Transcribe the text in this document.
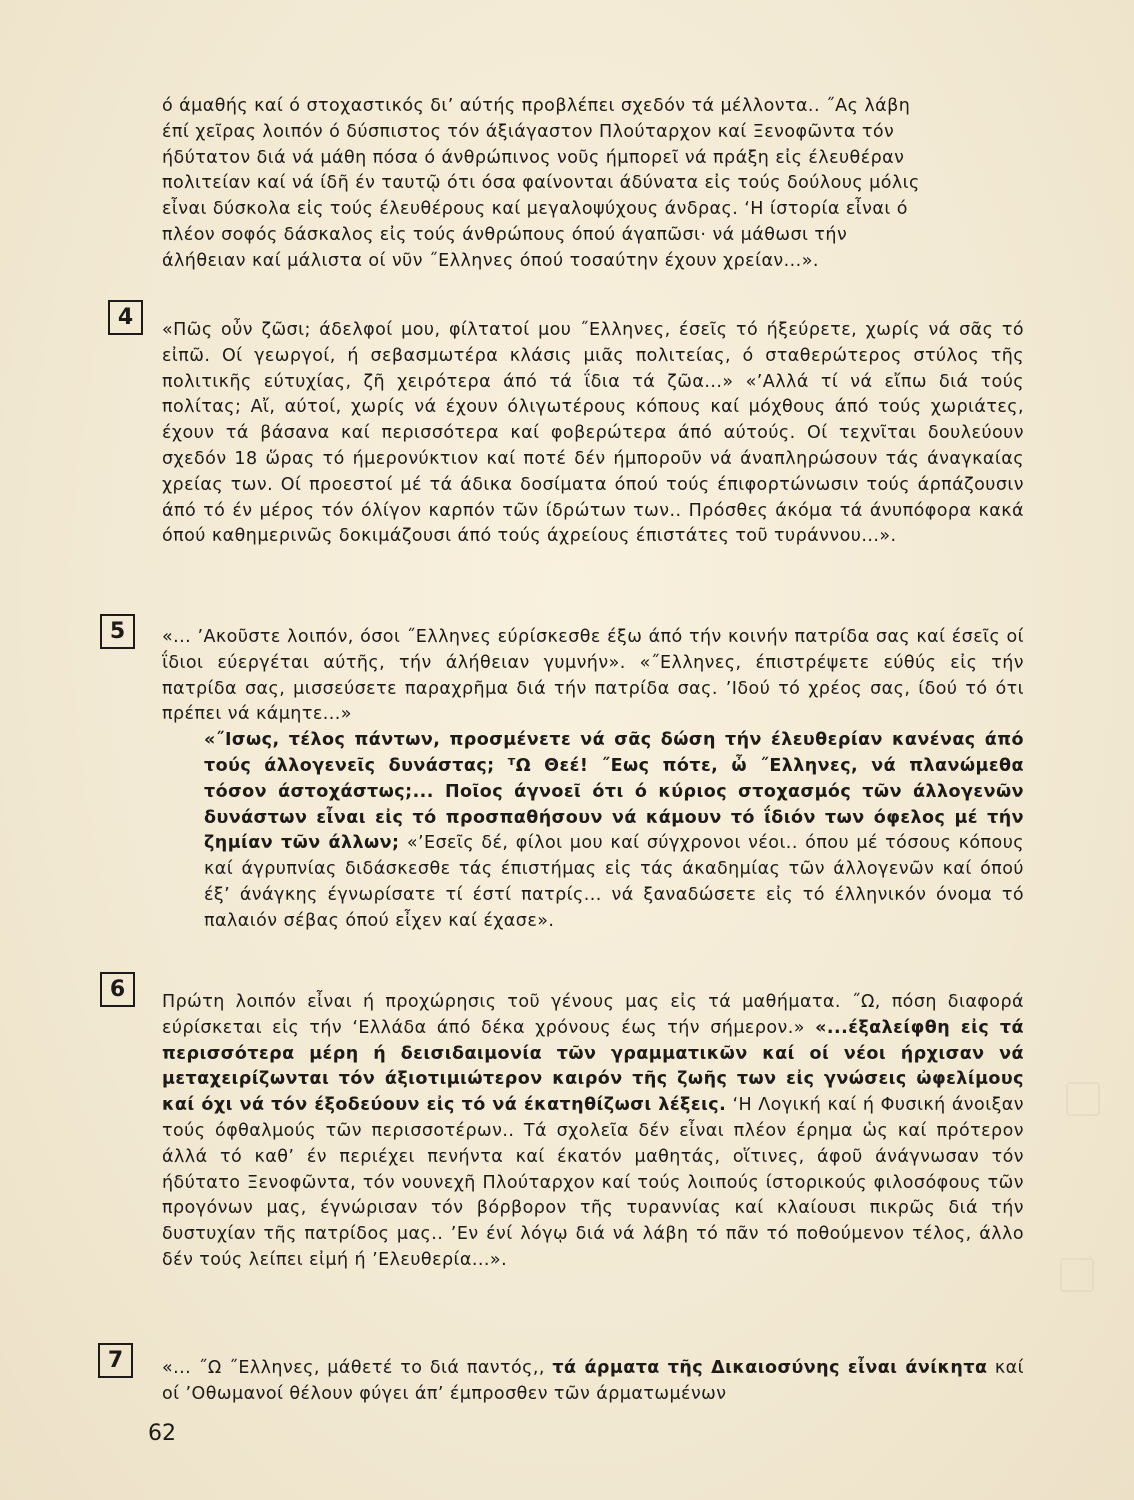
ό άμαθής καί ό στοχαστικός δι’ αύτής προβλέπει σχεδόν τά μέλλοντα.. ˝Ας λάβη

έπί χεῖρας λοιπόν ό δύσπιστος τόν άξιάγαστον Πλούταρχον καί Ξενοφῶντα τόν

ήδύτατον διά νά μάθη πόσα ό άνθρώπινος νοῦς ήμπορεῖ νά πράξη εἰς έλευθέραν

πολιτείαν καί νά ίδῆ έν ταυτῷ ότι όσα φαίνονται άδύνατα εἰς τούς δούλους μόλις

εἶναι δύσκολα εἰς τούς έλευθέρους καί μεγαλοψύχους άνδρας. ‘Η ίστορία εἶναι ό

πλέον σοφός δάσκαλος εἰς τούς άνθρώπους όπού άγαπῶσι· νά μάθωσι τήν

άλήθειαν καί μάλιστα οί νῦν ˝Ελληνες όπού τοσαύτην έχουν χρείαν...».

4	«Πῶς οὖν ζῶσι; άδελφοί μου, φίλτατοί μου ˝Ελληνες, έσεῖς τό ήξεύρετε, χωρίς νά σᾶς τό εἰπῶ. Οί γεωργοί, ή σεβασμωτέρα κλάσις μιᾶς πολιτείας, ό σταθερώτερος στύλος τῆς πολιτικῆς εύτυχίας, ζῆ χειρότερα άπό τά ΐδια τά ζῶα...» «’Αλλά τί νά εἴπω διά τούς πολίτας; Αἴ, αύτοί, χωρίς νά έχουν όλιγωτέρους κόπους καί μόχθους άπό τούς χωριάτες, έχουν τά βάσανα καί περισσότερα καί φοβερώτερα άπό αύτούς. Οί τεχνῖται δουλεύουν σχεδόν 18 ὥρας τό ήμερονύκτιον καί ποτέ δέν ήμποροῦν νά άναπληρώσουν τάς άναγκαίας χρείας των. Οί προεστοί μέ τά άδικα δοσίματα όπού τούς έπιφορτώνωσιν τούς άρπάζουσιν άπό τό έν μέρος τόν όλίγον καρπόν τῶν ίδρώτων των.. Πρόσθες άκόμα τά άνυπόφορα κακά όπού καθημερινῶς δοκιμάζουσι άπό τούς άχρείους έπιστάτες τοῦ τυράννου...».

5	«... ’Ακοῦστε λοιπόν, όσοι ˝Ελληνες εύρίσκεσθε έξω άπό τήν κοινήν πατρίδα σας καί έσεῖς οί ΐδιοι εύεργέται αύτῆς, τήν άλήθειαν γυμνήν». «˝Ελληνες, έπιστρέψετε εύθύς εἰς τήν πατρίδα σας, μισσεύσετε παραχρῆμα διά τήν πατρίδα σας. ’Ιδού τό χρέος σας, ίδού τό ότι πρέπει νά κάμητε...»

«˝Ισως, τέλος πάντων, προσμένετε νά σᾶς δώση τήν έλευθερίαν κανένας άπό τούς άλλογενεῖς δυνάστας; ᵀΩ Θεέ! ˝Εως πότε, ὦ ˝Ελληνες, νά πλανώμεθα τόσον άστοχάστως;... Ποῖος άγνοεῖ ότι ό κύριος στοχασμός τῶν άλλογενῶν δυνάστων εἶναι εἰς τό προσπαθήσουν νά κάμουν τό ΐδιόν των όφελος μέ τήν ζημίαν τῶν άλλων; «’Εσεῖς δέ, φίλοι μου καί σύγχρονοι νέοι.. όπου μέ τόσους κόπους καί άγρυπνίας διδάσκεσθε τάς έπιστήμας εἰς τάς άκαδημίας τῶν άλλογενῶν καί όπού έξ’ άνάγκης έγνωρίσατε τί έστί πατρίς... νά ξαναδώσετε εἰς τό έλληνικόν όνομα τό παλαιόν σέβας όπού εἶχεν καί έχασε».

6	Πρώτη λοιπόν εἶναι ή προχώρησις τοῦ γένους μας εἰς τά μαθήματα. ˝Ω, πόση διαφορά εύρίσκεται εἰς τήν ‘Ελλάδα άπό δέκα χρόνους έως τήν σήμερον.» «...έξαλείφθη εἰς τά περισσότερα μέρη ή δεισιδαιμονία τῶν γραμματικῶν καί οί νέοι ήρχισαν νά μεταχειρίζωνται τόν άξιοτιμιώτερον καιρόν τῆς ζωῆς των εἰς γνώσεις ὠφελίμους καί όχι νά τόν έξοδεύουν εἰς τό νά έκατηθίζωσι λέξεις. ‘Η Λογική καί ή Φυσική άνοιξαν τούς όφθαλμούς τῶν περισσοτέρων.. Τά σχολεῖα δέν εἶναι πλέον έρημα ὡς καί πρότερον άλλά τό καθ’ έν περιέχει πενήντα καί έκατόν μαθητάς, οἵτινες, άφοῦ άνάγνωσαν τόν ήδύτατο Ξενοφῶντα, τόν νουνεχῆ Πλούταρχον καί τούς λοιπούς ίστορικούς φιλοσόφους τῶν προγόνων μας, έγνώρισαν τόν βόρβορον τῆς τυραννίας καί κλαίουσι πικρῶς διά τήν δυστυχίαν τῆς πατρίδος μας.. ’Εν ένί λόγῳ διά νά λάβη τό πᾶν τό ποθούμενον τέλος, άλλο δέν τούς λείπει εἰμή ή ’Ελευθερία...».

7	«... ˝Ω ˝Ελληνες, μάθετέ το διά παντός,, τά άρματα τῆς Δικαιοσύνης εἶναι άνίκητα καί οί ’Οθωμανοί θέλουν φύγει άπ’ έμπροσθεν τῶν άρματωμένων

62
